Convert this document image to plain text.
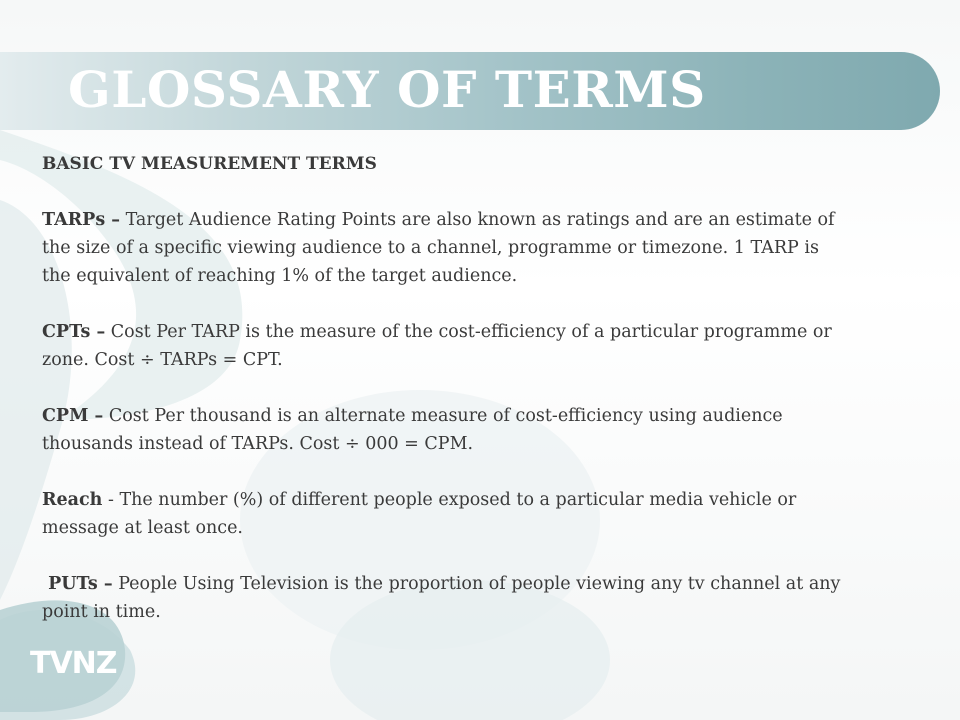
GLOSSARY OF TERMS

BASIC TV MEASUREMENT TERMS

TARPs – Target Audience Rating Points are also known as ratings and are an estimate of the size of a specific viewing audience to a channel, programme or timezone. 1 TARP is the equivalent of reaching 1% of the target audience.

CPTs – Cost Per TARP is the measure of the cost-efficiency of a particular programme or zone. Cost ÷ TARPs = CPT.

CPM – Cost Per thousand is an alternate measure of cost-efficiency using audience thousands instead of TARPs. Cost ÷ 000 = CPM.

Reach - The number (%) of different people exposed to a particular media vehicle or message at least once.

PUTs – People Using Television is the proportion of people viewing any tv channel at any point in time.

TVNZ
